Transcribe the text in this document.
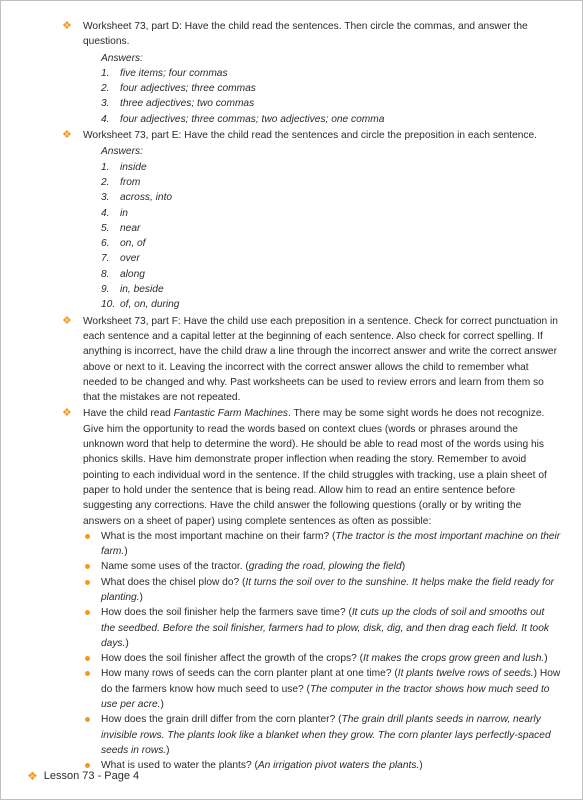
❖ Worksheet 73, part D: Have the child read the sentences. Then circle the commas, and answer the questions.

Answers:
1.	five items; four commas
2.	four adjectives; three commas
3.	three adjectives; two commas
4.	four adjectives; three commas; two adjectives; one comma
❖ Worksheet 73, part E: Have the child read the sentences and circle the preposition in each sentence.

Answers:
1.	inside
2.	from
3.	across, into
4.	in
5.	near
6.	on, of
7.	over
8.	along
9.	in, beside
10. of, on, during
❖ Worksheet 73, part F: Have the child use each preposition in a sentence. Check for correct punctuation in each sentence and a capital letter at the beginning of each sentence. Also check for correct spelling. If anything is incorrect, have the child draw a line through the incorrect answer and write the correct answer above or next to it. Leaving the incorrect with the correct answer allows the child to remember what needed to be changed and why. Past worksheets can be used to review errors and learn from them so that the mistakes are not repeated.

❖ Have the child read Fantastic Farm Machines. There may be some sight words he does not recognize. Give him the opportunity to read the words based on context clues (words or phrases around the unknown word that help to determine the word). He should be able to read most of the words using his phonics skills. Have him demonstrate proper inflection when reading the story. Remember to avoid pointing to each individual word in the sentence. If the child struggles with tracking, use a plain sheet of paper to hold under the sentence that is being read. Allow him to read an entire sentence before suggesting any corrections. Have the child answer the following questions (orally or by writing the answers on a sheet of paper) using complete sentences as often as possible:

What is the most important machine on their farm? (The tractor is the most important machine on their farm.)
Name some uses of the tractor. (grading the road, plowing the field)
What does the chisel plow do? (It turns the soil over to the sunshine. It helps make the field ready for planting.)
How does the soil finisher help the farmers save time? (It cuts up the clods of soil and smooths out the seedbed. Before the soil finisher, farmers had to plow, disk, dig, and then drag each field. It took days.)
How does the soil finisher affect the growth of the crops? (It makes the crops grow green and lush.)
How many rows of seeds can the corn planter plant at one time? (It plants twelve rows of seeds.) How do the farmers know how much seed to use? (The computer in the tractor shows how much seed to use per acre.)
How does the grain drill differ from the corn planter? (The grain drill plants seeds in narrow, nearly invisible rows. The plants look like a blanket when they grow. The corn planter lays perfectly-spaced seeds in rows.)
What is used to water the plants? (An irrigation pivot waters the plants.)
❖ Lesson 73 - Page 4
